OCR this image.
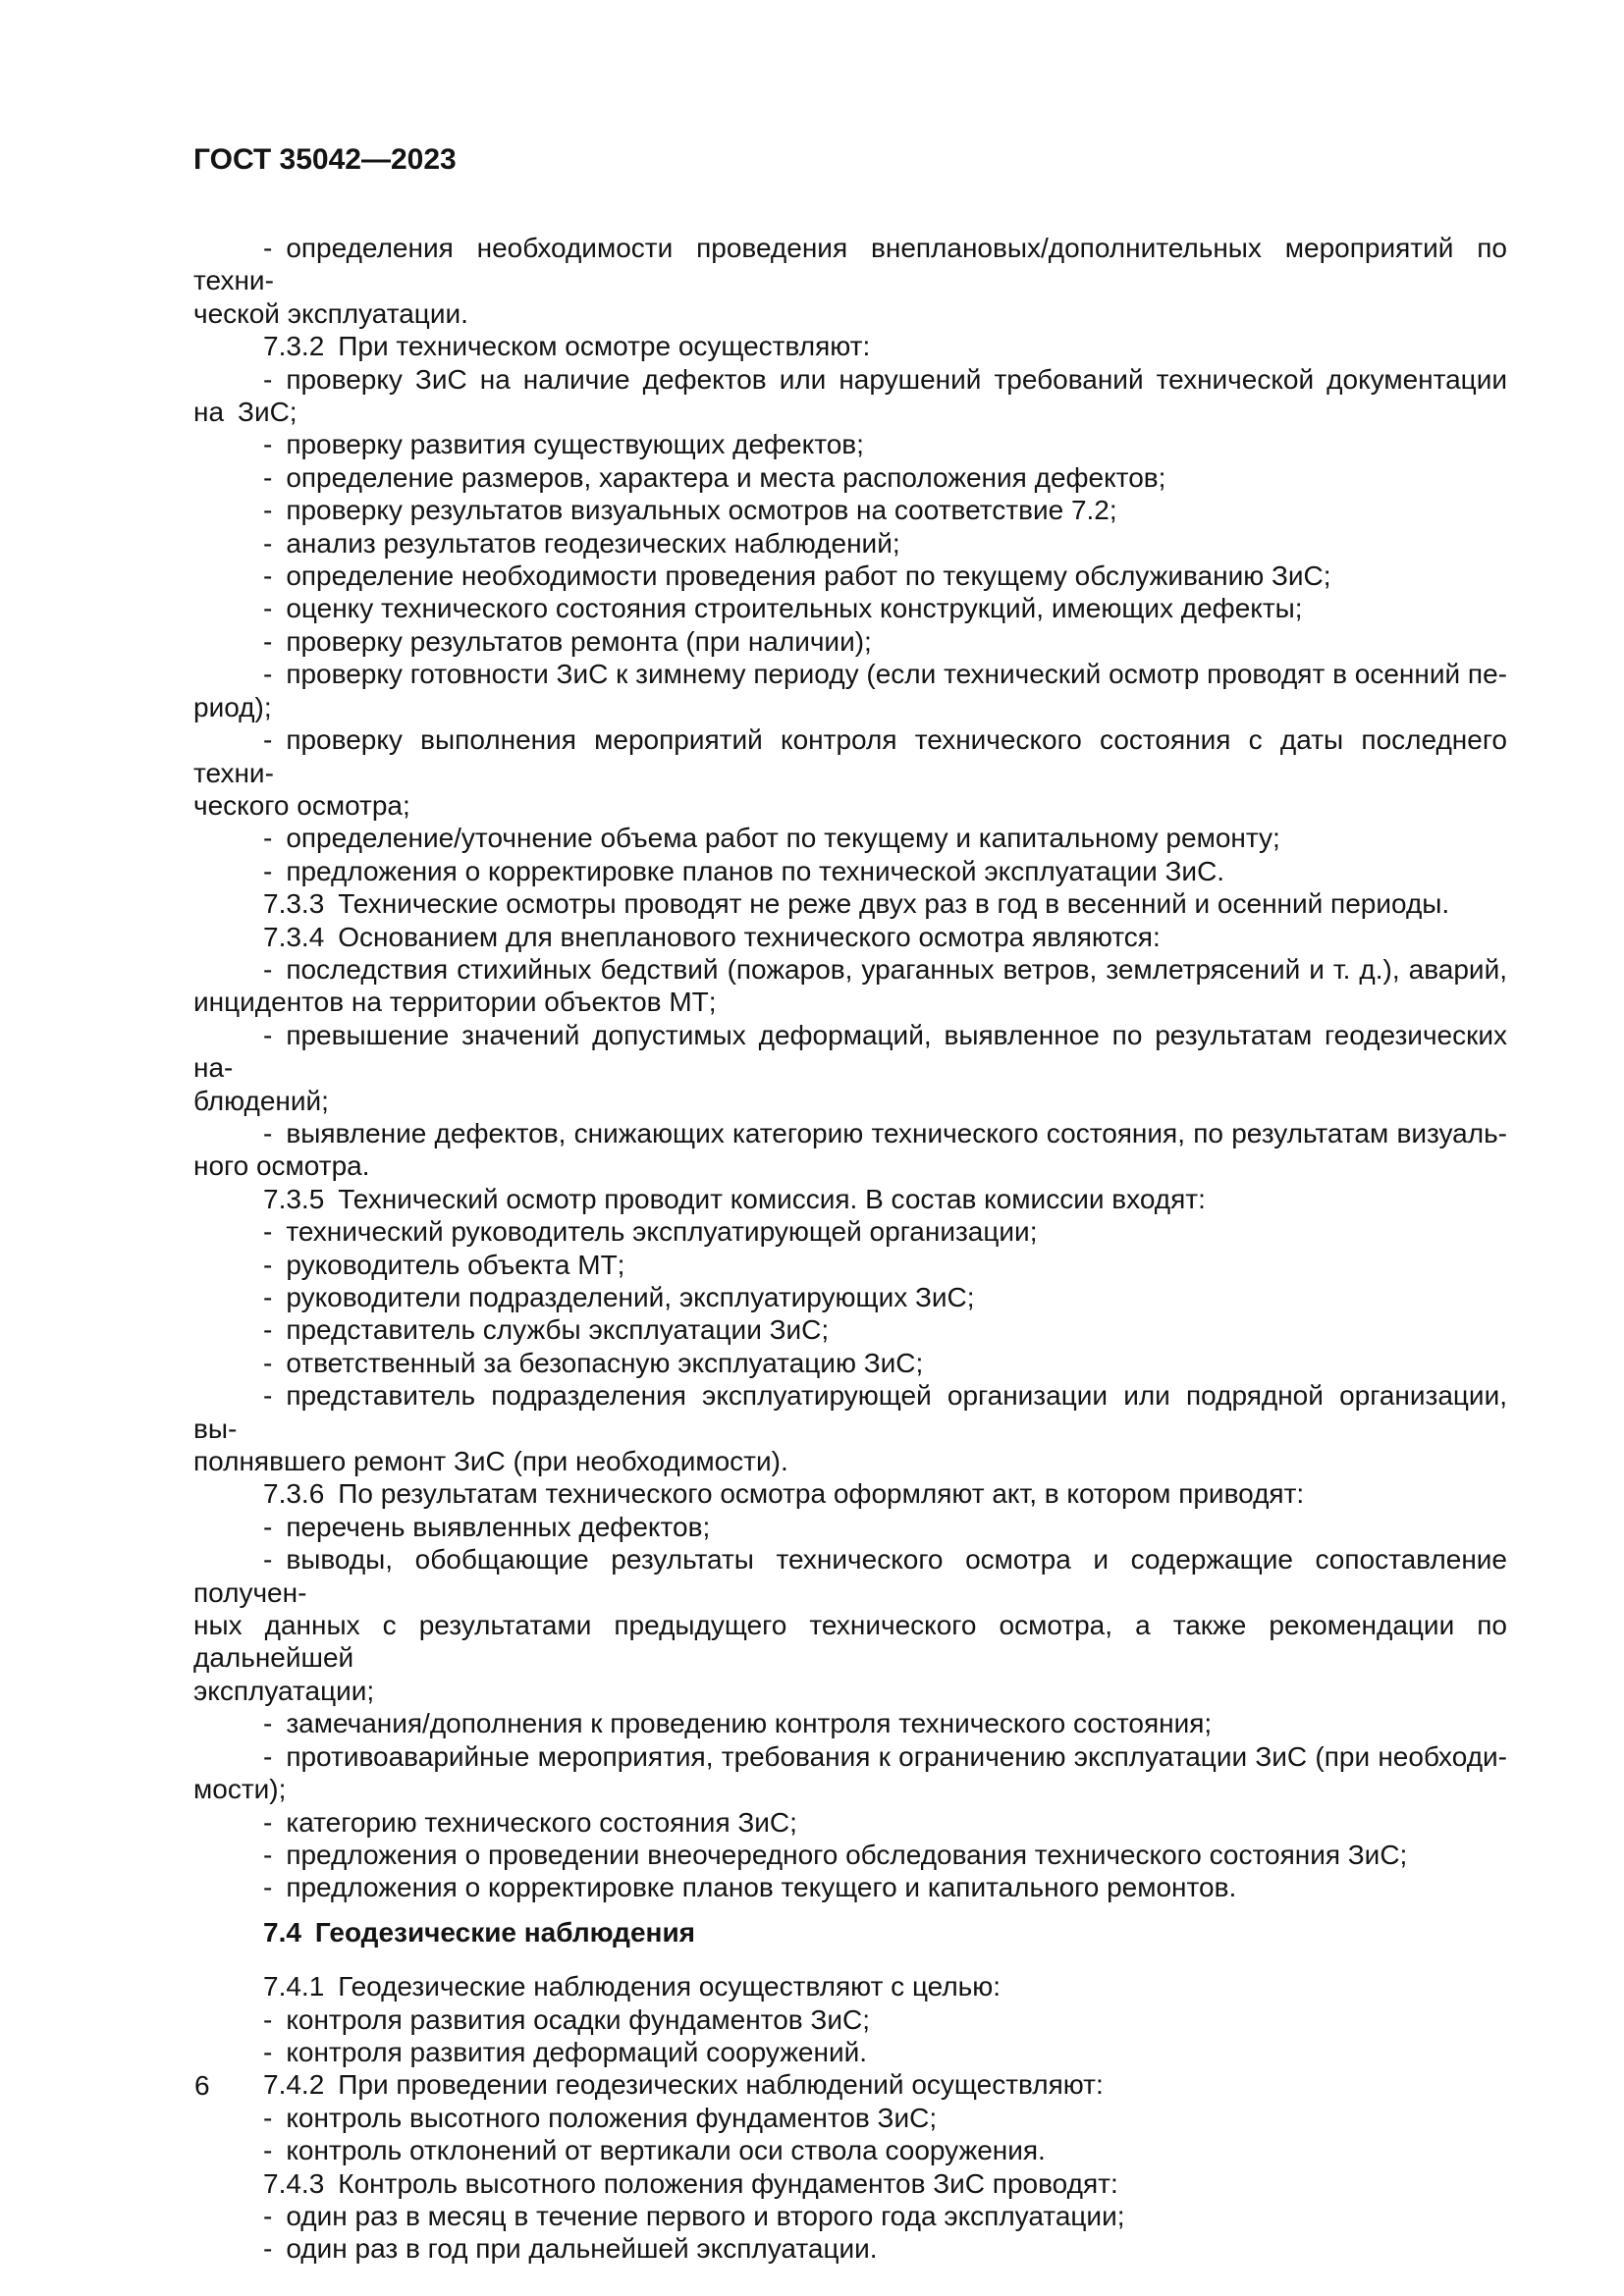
ГОСТ 35042—2023
- определения необходимости проведения внеплановых/дополнительных мероприятий по техни-
ческой эксплуатации.
7.3.2 При техническом осмотре осуществляют:
- проверку ЗиС на наличие дефектов или нарушений требований технической документации
на ЗиС;
- проверку развития существующих дефектов;
- определение размеров, характера и места расположения дефектов;
- проверку результатов визуальных осмотров на соответствие 7.2;
- анализ результатов геодезических наблюдений;
- определение необходимости проведения работ по текущему обслуживанию ЗиС;
- оценку технического состояния строительных конструкций, имеющих дефекты;
- проверку результатов ремонта (при наличии);
- проверку готовности ЗиС к зимнему периоду (если технический осмотр проводят в осенний пе-
риод);
- проверку выполнения мероприятий контроля технического состояния с даты последнего техни-
ческого осмотра;
- определение/уточнение объема работ по текущему и капитальному ремонту;
- предложения о корректировке планов по технической эксплуатации ЗиС.
7.3.3 Технические осмотры проводят не реже двух раз в год в весенний и осенний периоды.
7.3.4 Основанием для внепланового технического осмотра являются:
- последствия стихийных бедствий (пожаров, ураганных ветров, землетрясений и т. д.), аварий,
инцидентов на территории объектов МТ;
- превышение значений допустимых деформаций, выявленное по результатам геодезических на-
блюдений;
- выявление дефектов, снижающих категорию технического состояния, по результатам визуаль-
ного осмотра.
7.3.5 Технический осмотр проводит комиссия. В состав комиссии входят:
- технический руководитель эксплуатирующей организации;
- руководитель объекта МТ;
- руководители подразделений, эксплуатирующих ЗиС;
- представитель службы эксплуатации ЗиС;
- ответственный за безопасную эксплуатацию ЗиС;
- представитель подразделения эксплуатирующей организации или подрядной организации, вы-
полнявшего ремонт ЗиС (при необходимости).
7.3.6 По результатам технического осмотра оформляют акт, в котором приводят:
- перечень выявленных дефектов;
- выводы, обобщающие результаты технического осмотра и содержащие сопоставление получен-
ных данных с результатами предыдущего технического осмотра, а также рекомендации по дальнейшей
эксплуатации;
- замечания/дополнения к проведению контроля технического состояния;
- противоаварийные мероприятия, требования к ограничению эксплуатации ЗиС (при необходи-
мости);
- категорию технического состояния ЗиС;
- предложения о проведении внеочередного обследования технического состояния ЗиС;
- предложения о корректировке планов текущего и капитального ремонтов.
7.4 Геодезические наблюдения
7.4.1 Геодезические наблюдения осуществляют с целью:
- контроля развития осадки фундаментов ЗиС;
- контроля развития деформаций сооружений.
7.4.2 При проведении геодезических наблюдений осуществляют:
- контроль высотного положения фундаментов ЗиС;
- контроль отклонений от вертикали оси ствола сооружения.
7.4.3 Контроль высотного положения фундаментов ЗиС проводят:
- один раз в месяц в течение первого и второго года эксплуатации;
- один раз в год при дальнейшей эксплуатации.
6
